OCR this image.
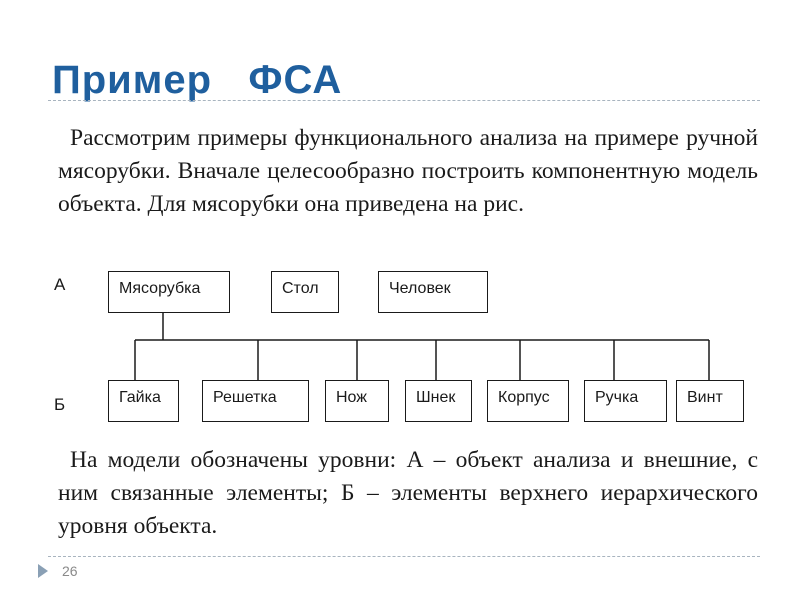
Пример   ФСА

Рассмотрим примеры функционального анализа на примере ручной мясорубки. Вначале целесообразно построить компонентную модель объекта. Для мясорубки она приведена на рис.

А
Б
Мясорубка	Стол	Человек
Гайка	Решетка	Нож	Шнек	Корпус	Ручка	Винт

На модели обозначены уровни: А – объект анализа и внешние, с ним связанные элементы; Б – элементы верхнего иерархического уровня объекта.

26
